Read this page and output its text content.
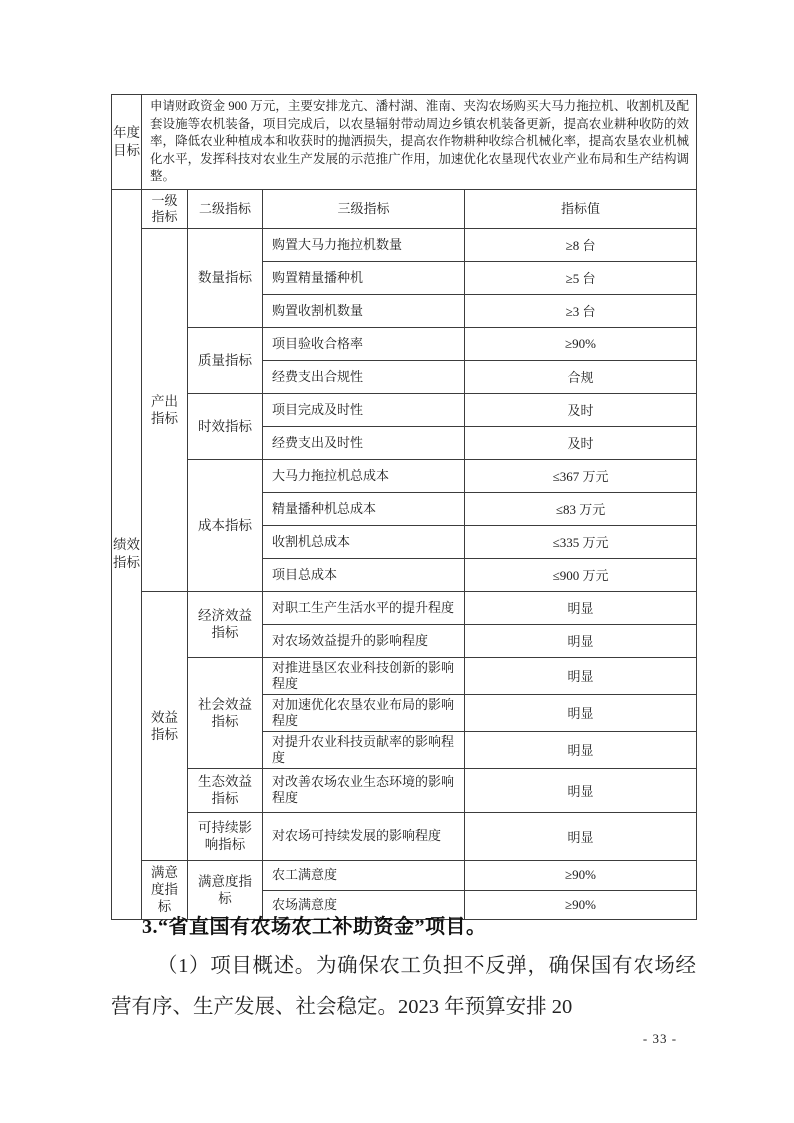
年度目标	申请财政资金 900 万元，主要安排龙亢、潘村湖、淮南、夹沟农场购买大马力拖拉机、收割机及配套设施等农机装备，项目完成后，以农垦辐射带动周边乡镇农机装备更新，提高农业耕种收防的效率，降低农业种植成本和收获时的抛洒损失，提高农作物耕种收综合机械化率，提高农垦农业机械化水平，发挥科技对农业生产发展的示范推广作用，加速优化农垦现代农业产业布局和生产结构调整。			
绩效指标	一级指标	二级指标	三级指标	指标值
	产出指标	数量指标	购置大马力拖拉机数量	≥8 台
			购置精量播种机	≥5 台
			购置收割机数量	≥3 台
		质量指标	项目验收合格率	≥90%
			经费支出合规性	合规
		时效指标	项目完成及时性	及时
			经费支出及时性	及时
		成本指标	大马力拖拉机总成本	≤367 万元
			精量播种机总成本	≤83 万元
			收割机总成本	≤335 万元
			项目总成本	≤900 万元
	效益指标	经济效益指标	对职工生产生活水平的提升程度	明显
			对农场效益提升的影响程度	明显
		社会效益指标	对推进垦区农业科技创新的影响程度	明显
			对加速优化农垦农业布局的影响程度	明显
			对提升农业科技贡献率的影响程度	明显
		生态效益指标	对改善农场农业生态环境的影响程度	明显
		可持续影响指标	对农场可持续发展的影响程度	明显
	满意度指标	满意度指标	农工满意度	≥90%
			农场满意度	≥90%
3.“省直国有农场农工补助资金”项目。

（1）项目概述。为确保农工负担不反弹，确保国有农场经营有序、生产发展、社会稳定。2023 年预算安排 20

- 33 -
